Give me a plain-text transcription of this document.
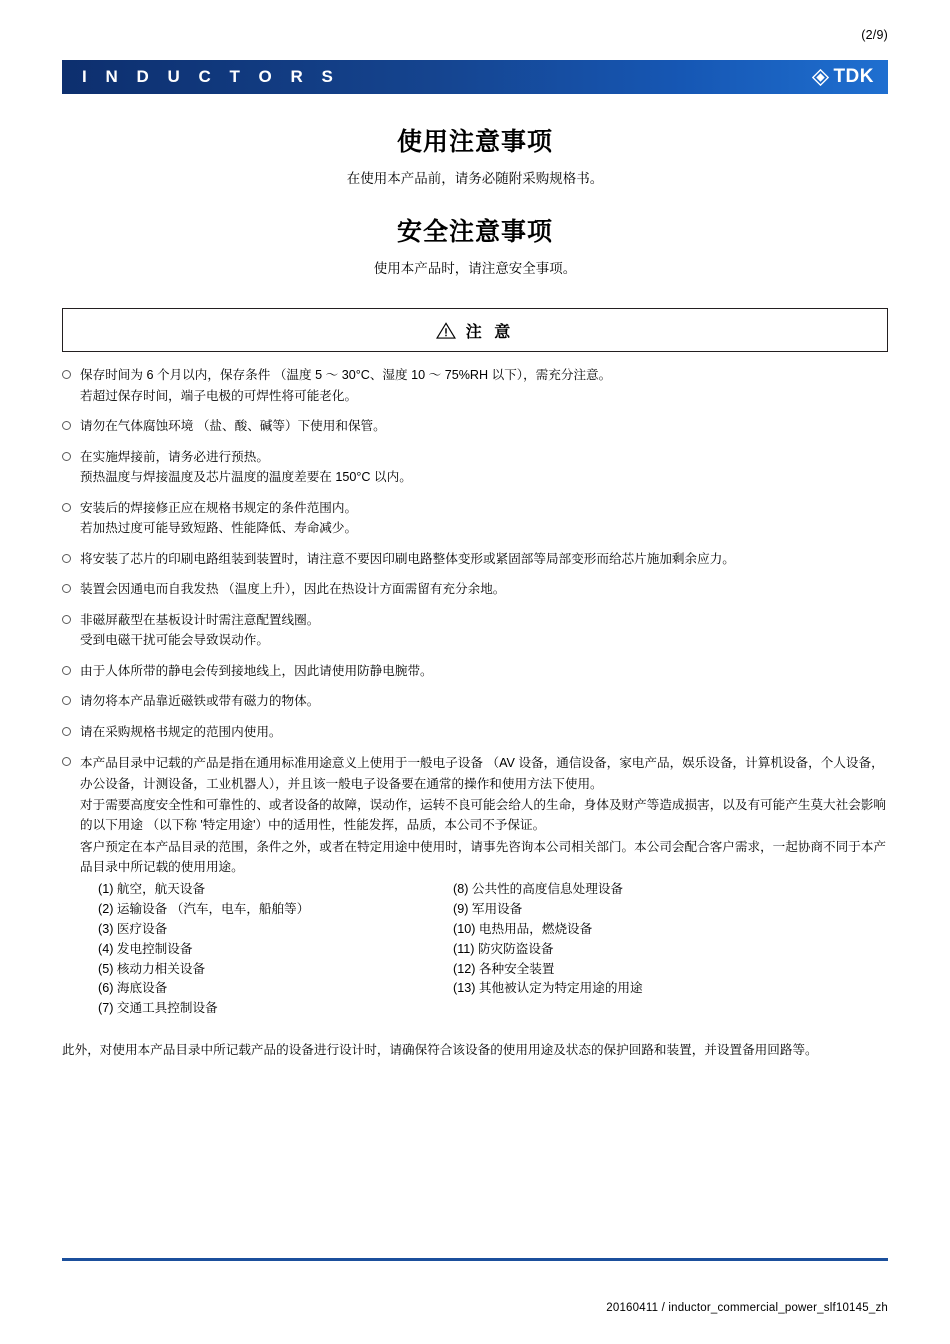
(2/9)
I N D U C T O R S	TDK
使用注意事项
在使用本产品前，请务必随附采购规格书。
安全注意事项
使用本产品时，请注意安全事项。
注 意

保存时间为 6 个月以内，保存条件 （温度 5 ～ 30°C、湿度 10 ～ 75%RH 以下），需充分注意。

若超过保存时间，端子电极的可焊性将可能老化。

请勿在气体腐蚀环境 （盐、酸、碱等）下使用和保管。

在实施焊接前，请务必进行预热。

预热温度与焊接温度及芯片温度的温度差要在 150°C 以内。

安装后的焊接修正应在规格书规定的条件范围内。

若加热过度可能导致短路、性能降低、寿命减少。

将安装了芯片的印刷电路组装到装置时，请注意不要因印刷电路整体变形或紧固部等局部变形而给芯片施加剩余应力。

装置会因通电而自我发热 （温度上升），因此在热设计方面需留有充分余地。

非磁屏蔽型在基板设计时需注意配置线圈。

受到电磁干扰可能会导致误动作。

由于人体所带的静电会传到接地线上，因此请使用防静电腕带。

请勿将本产品靠近磁铁或带有磁力的物体。

请在采购规格书规定的范围内使用。

本产品目录中记载的产品是指在通用标准用途意义上使用于一般电子设备 （AV 设备，通信设备，家电产品，娱乐设备，计算机设备，个人设备，办公设备，计测设备，工业机器人），并且该一般电子设备要在通常的操作和使用方法下使用。

对于需要高度安全性和可靠性的、或者设备的故障，误动作，运转不良可能会给人的生命，身体及财产等造成损害，以及有可能产生莫大社会影响的以下用途 （以下称 '特定用途'）中的适用性，性能发挥，品质，本公司不予保证。

客户预定在本产品目录的范围，条件之外，或者在特定用途中使用时，请事先咨询本公司相关部门。本公司会配合客户需求，一起协商不同于本产品目录中所记载的使用用途。

(1) 航空，航天设备
(2) 运输设备 （汽车，电车，船舶等）
(3) 医疗设备
(4) 发电控制设备
(5) 核动力相关设备
(6) 海底设备
(7) 交通工具控制设备
(8) 公共性的高度信息处理设备
(9) 军用设备
(10) 电热用品，燃烧设备
(11) 防灾防盗设备
(12) 各种安全装置
(13) 其他被认定为特定用途的用途
此外，对使用本产品目录中所记载产品的设备进行设计时，请确保符合该设备的使用用途及状态的保护回路和装置，并设置备用回路等。
20160411 / inductor_commercial_power_slf10145_zh
